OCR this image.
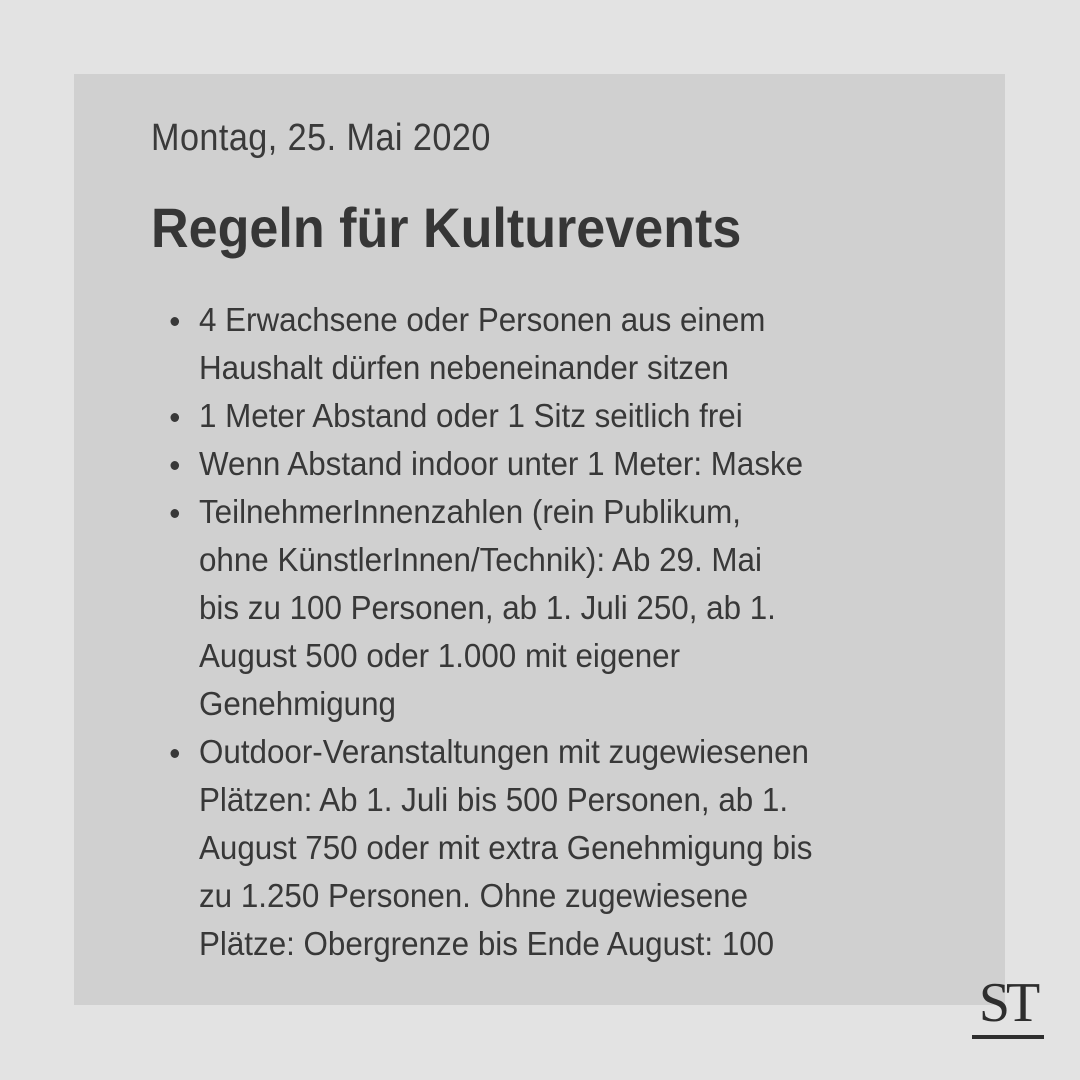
Montag, 25. Mai 2020
Regeln für Kulturevents
4 Erwachsene oder Personen aus einem
Haushalt dürfen nebeneinander sitzen
1 Meter Abstand oder 1 Sitz seitlich frei
Wenn Abstand indoor unter 1 Meter: Maske
TeilnehmerInnenzahlen (rein Publikum,
ohne KünstlerInnen/Technik): Ab 29. Mai
bis zu 100 Personen, ab 1. Juli 250, ab 1.
August 500 oder 1.000 mit eigener
Genehmigung
Outdoor-Veranstaltungen mit zugewiesenen
Plätzen: Ab 1. Juli bis 500 Personen, ab 1.
August 750 oder mit extra Genehmigung bis
zu 1.250 Personen. Ohne zugewiesene
Plätze: Obergrenze bis Ende August: 100
ST
